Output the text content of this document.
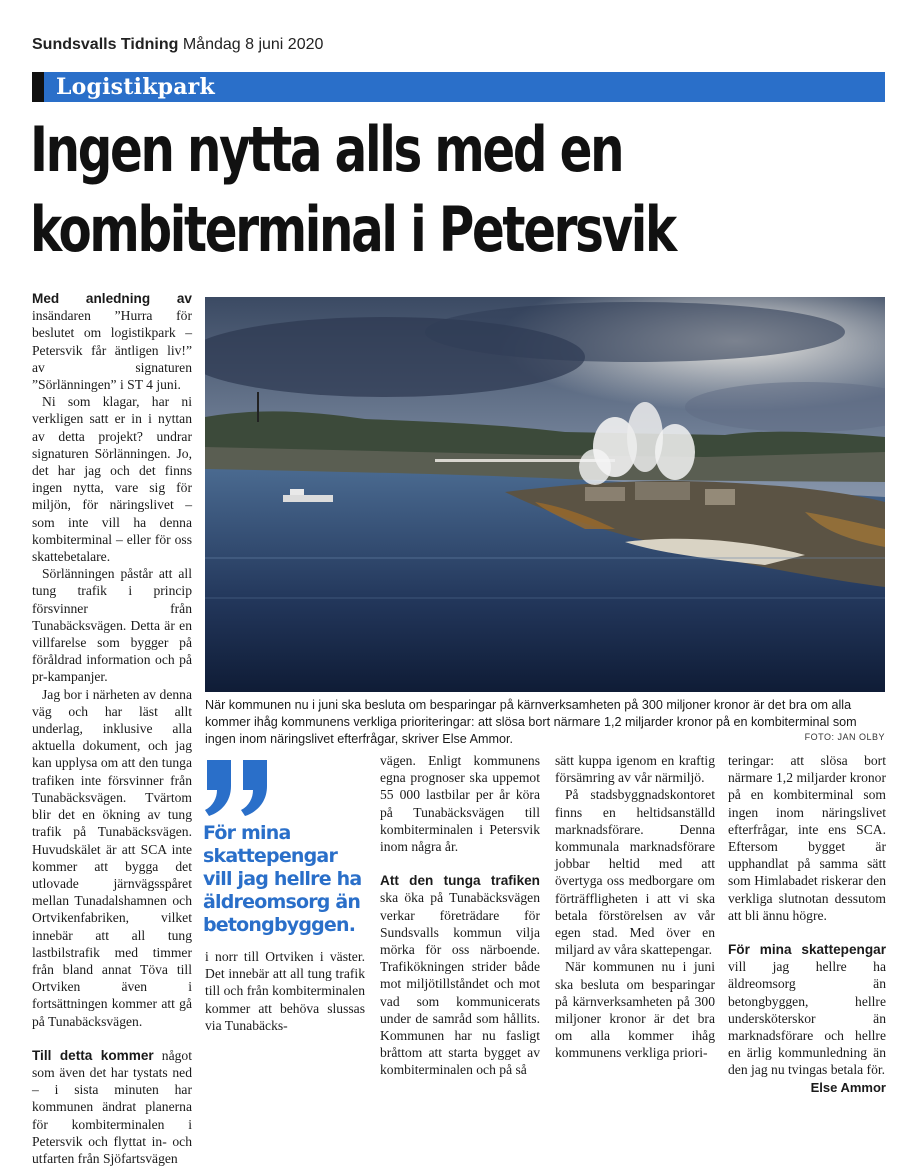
Sundsvalls Tidning Måndag 8 juni 2020
Logistikpark
Ingen nytta alls med en
kombiterminal i Petersvik

Med anledning av insändaren ”Hurra för beslutet om logistikpark – Petersvik får äntligen liv!” av signaturen ”Sörlänningen” i ST 4 juni.

Ni som klagar, har ni verkligen satt er in i nyttan av detta projekt? undrar signaturen Sörlänningen. Jo, det har jag och det finns ingen nytta, vare sig för miljön, för näringslivet – som inte vill ha denna kombiterminal – eller för oss skattebetalare.

Sörlänningen påstår att all tung trafik i princip försvinner från Tunabäcksvägen. Detta är en villfarelse som bygger på föråldrad information och på pr-kampanjer.

Jag bor i närheten av denna väg och har läst allt underlag, inklusive alla aktuella dokument, och jag kan upplysa om att den tunga trafiken inte försvinner från Tunabäcksvägen. Tvärtom blir det en ökning av tung trafik på Tunabäcksvägen. Huvudskälet är att SCA inte kommer att bygga det utlovade järnvägsspåret mellan Tunadalshamnen och Ortvikenfabriken, vilket innebär att all tung lastbilstrafik med timmer från bland annat Töva till Ortviken även i fortsättningen kommer att gå på Tunabäcksvägen.

Till detta kommer något som även det har tystats ned – i sista minuten har kommunen ändrat planerna för kombiterminalen i Petersvik och flyttat in- och utfarten från Sjöfartsvägen

När kommunen nu i juni ska besluta om besparingar på kärnverksamheten på 300 miljoner kronor är det bra om alla kommer ihåg kommunens verkliga prioriteringar: att slösa bort närmare 1,2 miljarder kronor på en kombiterminal som ingen inom näringslivet efterfrågar, skriver Else Ammor.	FOTO: JAN OLBY
För mina skattepengar vill jag hellre ha äldreomsorg än betongbyggen.

i norr till Ortviken i väster. Det innebär att all tung trafik till och från kombiterminalen kommer att behöva slussas via Tunabäcks-

vägen. Enligt kommunens egna prognoser ska uppemot 55 000 lastbilar per år köra på Tunabäcksvägen till kombiterminalen i Petersvik inom några år.

Att den tunga trafiken ska öka på Tunabäcksvägen verkar företrädare för Sundsvalls kommun vilja mörka för oss närboende. Trafikökningen strider både mot miljötillståndet och mot vad som kommunicerats under de samråd som hållits. Kommunen har nu fasligt bråttom att starta bygget av kombiterminalen och på så

sätt kuppa igenom en kraftig försämring av vår närmiljö.

På stadsbyggnadskontoret finns en heltidsanställd marknadsförare. Denna kommunala marknadsförare jobbar heltid med att övertyga oss medborgare om förträffligheten i att vi ska betala förstörelsen av vår egen stad. Med över en miljard av våra skattepengar.

När kommunen nu i juni ska besluta om besparingar på kärnverksamheten på 300 miljoner kronor är det bra om alla kommer ihåg kommunens verkliga priori-

teringar: att slösa bort närmare 1,2 miljarder kronor på en kombiterminal som ingen inom näringslivet efterfrågar, inte ens SCA. Eftersom bygget är upphandlat på samma sätt som Himlabadet riskerar den verkliga slutnotan dessutom att bli ännu högre.

För mina skattepengar vill jag hellre ha äldreomsorg än betongbyggen, hellre undersköterskor än marknadsförare och hellre en ärlig kommunledning än den jag nu tvingas betala för.

Else Ammor
